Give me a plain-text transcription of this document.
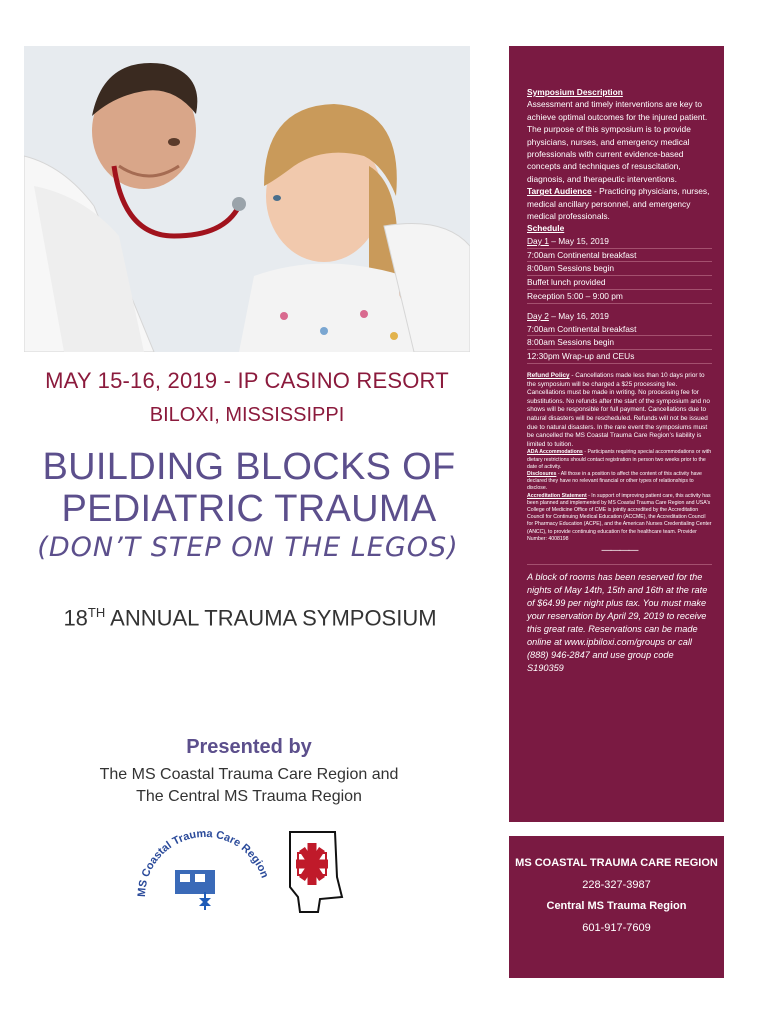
MAY 15-16, 2019 - IP CASINO RESORT
BILOXI, MISSISSIPPI
BUILDING BLOCKS OF
PEDIATRIC TRAUMA
(DON’T STEP ON THE LEGOS)
18TH ANNUAL TRAUMA SYMPOSIUM
Presented by
The MS Coastal Trauma Care Region and
The Central MS Trauma Region
MS Coastal Trauma Care Region

Symposium Description
Assessment and timely interventions are key to achieve optimal outcomes for the injured patient. The purpose of this symposium is to provide physicians, nurses, and emergency medical professionals with current evidence-based concepts and techniques of resuscitation, diagnosis, and therapeutic interventions.

Target Audience - Practicing physicians, nurses, medical ancillary personnel, and emergency medical professionals.

Schedule
Day 1 – May 15, 2019
7:00am Continental breakfast
8:00am Sessions begin
Buffet lunch provided
Reception 5:00 – 9:00 pm
Day 2 – May 16, 2019
7:00am Continental breakfast
8:00am Sessions begin
12:30pm Wrap-up and CEUs

Refund Policy - Cancellations made less than 10 days prior to the symposium will be charged a $25 processing fee. Cancellations must be made in writing. No processing fee for substitutions. No refunds after the start of the symposium and no shows will be responsible for full payment. Cancellations due to natural disasters will be rescheduled. Refunds will not be issued due to natural disasters. In the rare event the symposiums must be cancelled the MS Coastal Trauma Care Region’s liability is limited to tuition.

ADA Accommodations - Participants requiring special accommodations or with dietary restrictions should contact registration in person two weeks prior to the date of activity.

Disclosures - All those in a position to affect the content of this activity have declared they have no relevant financial or other types of relationships to disclose.

Accreditation Statement - In support of improving patient care, this activity has been planned and implemented by MS Coastal Trauma Care Region and USA's College of Medicine Office of CME is jointly accredited by the Accreditation Council for Continuing Medical Education (ACCME), the Accreditation Council for Pharmacy Education (ACPE), and the American Nurses Credentialing Center (ANCC), to provide continuing education for the healthcare team. Provider Number: 4008198

――――

A block of rooms has been reserved for the nights of May 14th, 15th and 16th at the rate of $64.99 per night plus tax. You must make your reservation by April 29, 2019 to receive this great rate. Reservations can be made online at www.ipbiloxi.com/groups or call (888) 946-2847 and use group code S190359

MS COASTAL TRAUMA CARE REGION
228-327-3987
Central MS Trauma Region
601-917-7609
